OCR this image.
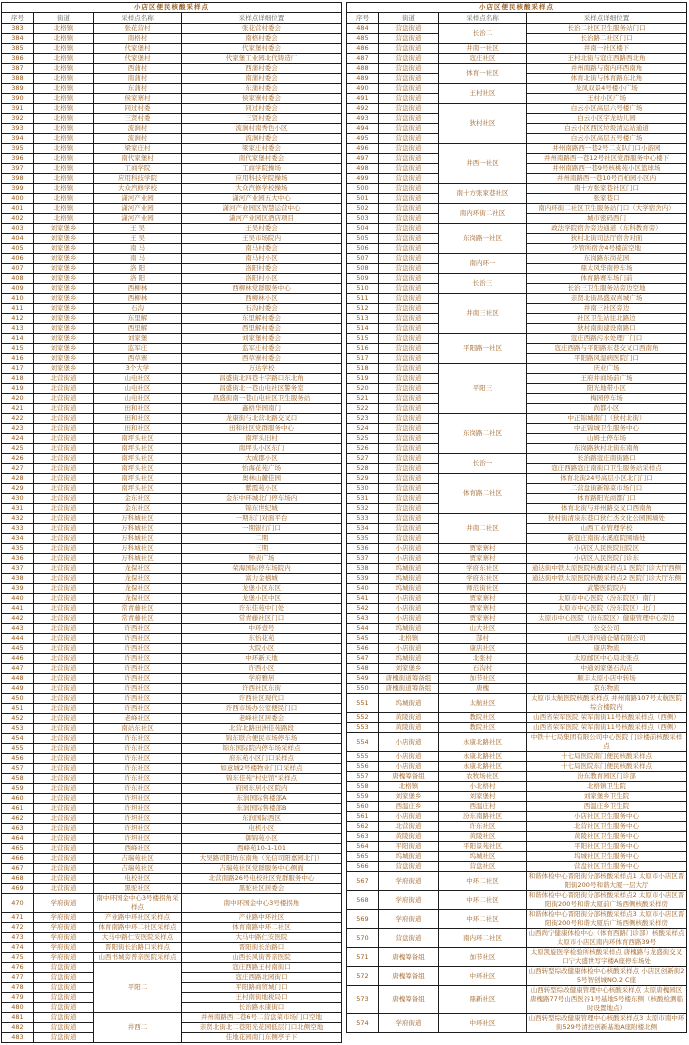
小店区便民核酸采样点			
序号	街道	采样点名称	采样点详细位置
383	北格镇	张花营村	张花营村委会
384	北格镇	南格村	南格村委会
385	北格镇	代家堡村	代家堡村委会
386	北格镇	代家堡村	代家堡工业园北代铸造厂
387	北格镇	西蒲村	西蒲村委会
388	北格镇	南蒲村	南蒲村委会
389	北格镇	东蒲村	东蒲村委会
390	北格镇	侯家寨村	侯家寨村委会
391	北格镇	同过村委	同过村委会
392	北格镇	三贤村委	三贤村委会
393	北格镇	流涧村	流涧村南秀色小区
394	北格镇	流涧村	流涧村委会
395	北格镇	梁家庄村	梁家庄村委会
396	北格镇	南代家堡村	南代家堡村委会
397	北格镇	工商学院	工商学院操场
398	北格镇	应用科技学院	应用科技学院操场
399	北格镇	大众汽修学校	大众汽修学校操场
400	北格镇	潇河产业园	潇河产业园五大中心
401	北格镇	潇河产业园	潇河产业园区智慧运营中心
402	北格镇	潇河产业园	潇河产业园区酒店项目
403	刘家堡乡	王 吴	王吴村委会
404	刘家堡乡	王 吴	王吴市场院内
405	刘家堡乡	南 马	南马村委会
406	刘家堡乡	南 马	南马村小区
407	刘家堡乡	洛 阳	洛阳村委会
408	刘家堡乡	洛 阳	洛阳村小区
409	刘家堡乡	西柳林	西柳林党群服务中心
410	刘家堡乡	西柳林	西柳林小区
411	刘家堡乡	石沟	石沟村委会
412	刘家堡乡	东里解	东里解村委会
413	刘家堡乡	西里解	西里解村委会
414	刘家堡乡	刘家堡	刘家堡村委会
415	刘家堡乡	监军庄	监军庄村委会
416	刘家堡乡	西草寨	西草寨村委会
417	刘家堡乡	3个大学	万达学校
418	北营街道	山电社区	昌盛街北四巷十字路口东北角
419	北营街道	山电社区	昌盛街北一巷山电社区警务室
420	北营街道	山电社区	昌盛街南一巷山电社区卫生服务站
421	北营街道	田和社区	鑫格华园南门
422	北营街道	田和社区	龙康街与北营北路交叉口
423	北营街道	田和社区	田和社区党群服务中心
424	北营街道	南坪头社区	南坪头旧村
425	北营街道	南坪头社区	南坪头小区东门
426	北营街道	南坪头社区	大成郡小区
427	北营街道	南坪头社区	怡海花苑广场
428	北营街道	南坪头社区	奥林山麓佳园
429	北营街道	南坪头社区	紫霞苑小区
430	北营街道	金东社区	金东中环城北门停车场内
431	北营街道	金东社区	锦东世纪城
432	北营街道	万科城社区	一期东门对面平台
433	北营街道	万科城社区	一期银行门口
434	北营街道	万科城社区	二期
435	北营街道	万科城社区	三期
436	北营街道	万科城社区	钟表广场
437	北营街道	龙保社区	荣海国际停车场院内
438	北营街道	龙保社区	富力金禧城
439	北营街道	龙保社区	龙堡小区东区
440	北营街道	龙保社区	龙堡小区中区
441	北营街道	常青藤社区	许东佳苑中门处
442	北营街道	常青藤社区	常青藤社区门口
443	北营街道	许西社区	中环壹号
444	北营街道	许西社区	东怡花苑
445	北营街道	许西社区	大院小区
446	北营街道	许西社区	中环新天地
447	北营街道	许西社区	许西小区
448	北营街道	许西社区	学府雅居
449	北营街道	许西社区	许西社区东街
450	北营街道	许西社区	许西社区现代口
451	北营街道	许西社区	许西市场办公室便民门口
452	北营街道	老峰社区	老峰社区居委会
453	北营街道	南站东社区	北营北路田洲佳苑路段
454	北营街道	许东社区	锦东联合便民市场停车场
455	北营街道	许东社区	锦东国际院内停车场采样点
456	北营街道	许东社区	府东苑小区门口采样点
457	北营街道	许东社区	如意城2号楼物业门口采样点
458	北营街道	许东社区	锦东佳苑"村史馆"采样点
459	北营街道	许东社区	府园东居小区院内
460	北营街道	许坦社区	东润国际售楼部A
461	北营街道	许坦社区	东润国际售楼部B
462	北营街道	许坦社区	东润国际西区
463	北营街道	许坦社区	电机小区
464	北营街道	许坦社区	御锦苑小区
465	北营街道	西峰社区	西峰苑10-1-101
466	北营街道	吉瑞苑社区	大吴路司阳坊东南角（光信司阳嘉园北门）
467	北营街道	吉瑞苑社区	吉瑞苑社区党群服务中心侧面
468	北营街道	电校社区	北营南路26号电校社区党群服务中心
469	北营街道	黑驼社区	黑驼社区居委会
470	学府街道	南中环国金中心3号楼拐角采样点	南中环国金中心3号楼拐角
471	学府街道	产业路中环社区采样点	产业路中环社区
472	学府街道	体育南路中环二社区采样点	体育南路中环二社区
473	学府街道	大马中路仁安医院采样点	大马中路仁安医院
474	学府街道	晋阳街长治路口采样点	晋阳街长治路口
475	学府街道	山西书城旁普亲医院采样点	山西长风街普亲医院
476	营盘街道	平阳二	寇庄西路王村南街口
477	营盘街道		寇庄西路北园街口
478	营盘街道		平阳路商贸城门口
479	营盘街道		王村南街地税局口
480	营盘街道		长治路永康街口
481	营盘街道	井西二	并州南路西二巷6号二营盘菜市场门口空地
482	营盘街道		亲贤北街北二巷阳光花园低层门口北侧空地
483	营盘街道		佳地花园南门东侧亭子下
小店区便民核酸采样点			
序号	街道	采样点名称	采样点详细位置
484	营盘街道	长治二	长治二社区卫生服务站门口
485	营盘街道		长治路二社区门口
486	营盘街道	井南一社区	井南一社区楼下
487	营盘街道	寇庄社区	王村北街与寇庄西路西北角
488	营盘街道	体育一社区	并州南路与南内环西南角
489	营盘街道		体育北街与体育路东北角
490	营盘街道	王村社区	龙凤双景4号楼小广场
491	营盘街道		王村小区广场
492	营盘街道	狄村社区	白云小区高层六号楼广场
493	营盘街道		白云小区宇龙幼儿园
494	营盘街道		白云小区西区垃圾清运站通道
495	营盘街道		白云小区高层五号楼广场
496	营盘街道	井西一社区	并州南路西一巷2号二支队门口小游园
497	营盘街道		并州南路西一巷12号社区党群服务中心楼下
498	营盘街道		并州南路西一巷9号核桃苑小区篮球场
499	营盘街道		并州南路西一巷10号百柏园小区内
500	营盘街道	南十方张家巷社区	南十方张家巷社区门口
501	营盘街道		张家巷口
502	营盘街道	南内环街二社区	南内环街二社区卫生服务站门口（大学宿舍内）
503	营盘街道		城市密码西门
504	营盘街道	东岗路一社区	政法学院宿舍旁边通道（东科教育旁）
505	营盘街道		狄村北街司法厅宿舍对面
506	营盘街道		少管所宿舍4号楼前空地
507	营盘街道	南内环一	东岗路东岗花园
508	营盘街道		鼎太风华南停车场
509	营盘街道	长治三	体育路赛车场门前
510	营盘街道		长治三卫生服务站旁边空地
511	营盘街道	井南三社区	亲贤北街昌盛双喜城广场
512	营盘街道		井南三社区旁边
513	营盘街道		社区卫生站往北路边
514	营盘街道		狄村南街建设南路口
515	营盘街道	平阳路一社区	寇庄西路污水处理厂门口
516	营盘街道		寇庄西路与平阳路东巷交叉口西南角
517	营盘街道		平阳路风湿病医院门口
518	营盘街道	平阳三	庆业广场
519	营盘街道		王府井商场前广场
520	营盘街道		阳光地带小区
521	营盘街道		梅园停车场
522	营盘街道		尚都小区
523	营盘街道	东岗路二社区	中正锦城南门（狄村北街）
524	营盘街道		中正锦城卫生服务中心
525	营盘街道		山姆士停车场
526	营盘街道		东岗路狄村北街东南角
527	营盘街道	长治一	长治路寇庄南街路口
528	营盘街道		寇庄西路寇庄南街口卫生服务站采样点
529	营盘街道	体育路二社区	体育北街24号高层小区北门门口
530	营盘街道		二营盘街新锦菜市场门口
531	营盘街道		体育路阳光商都门口
532	营盘街道		体育北街与并州路交叉口西南角
533	营盘街道	井南二社区	狄村街清泉东巷口狄仁杰文化公园围墙处
534	营盘街道		山西工业管理学校
535	营盘街道		新寇庄南街水溪庭院围墙处
536	小店街道	贾家寨村	小店区人民医院旧院区
537	小店街道	贾家寨村	小店区人民医院门诊东
538	坞城街道	学府东社区	通达街中铁太原医院核酸采样点1 医院门诊大厅西侧
539	坞城街道	学府东社区	通达街中铁太原医院核酸采样点2 医院门诊大厅东侧
540	坞城街道	师范街社区	武警医院院内
541	小店街道	贾家寨村	太原市中心医院（汾东院区）南门
542	小店街道	贾家寨村	太原市中心医院（汾东院区）北门
543	小店街道	贾家寨村	太原市中心医院（汾东院区）健康管理中心旁边
544	坞城街道	山大社区	公交公司
545	北格镇	郜村	山西天洋四通仓储有限公司
546	小店街道	康店社区	康店物流
547	坞城街道	北张村	太原邮区中心局北张点
548	刘家堡乡	石沟村	中通刘家堡石沟点
549	唐槐街道筹备组	加节社区	顺丰太原小店中转场
550	唐槐街道筹备组	唐槐	京东物流
551	坞城街道	太航社区	太原市太航医院核酸采样点 并州南路107号太航医院综合楼院内
552	黄陵街道	教院社区	山西省荣军医院 荣军南街11号核酸采样点（西侧）
553	黄陵街道	教院社区	山西省荣军医院 荣军南街11号核酸采样点（西侧）
554	小店街道	永康北路社区	中铁十七局集团有限公司中心医院 门诊楼前核酸采样点
555	小店街道	永康北路社区	十七局医院南门便民核酸采样点
556	小店街道	永康北路社区	十七局医院东门便民核酸采样点
557	唐槐筹备组	农牧场社区	汾东教育园区门诊部
558	北格镇	小北格村	北格镇卫生院
559	刘家堡乡	刘家堡村	刘家堡乡卫生院
560	西温庄乡	西温庄村	西温庄乡卫生院
561	小店街道	汾东南路社区	小店社区卫生服务中心
562	北营街道	许东社区	北营社区卫生服务中心
563	黄陵街道	黄陵社区	黄陵社区卫生服务中心
564	平阳街道	平阳景苑社区	平阳社区卫生服务中心
565	坞城街道	坞城社区	坞城社区卫生服务中心
566	营盘街道	营盘社区	营盘社区卫生服务中心
567	学府街道	中环二社区	和谐体检中心晋阳街分部核酸采样点1 太原市小店区晋阳街200号和谐大厦一层大厅
568	学府街道	中环二社区	和谐体检中心晋阳街分部核酸采样点2 太原市小店区晋阳街200号和谐大厦前广场西侧核酸采样房
569	学府街道	中环二社区	和谐体检中心晋阳街分部核酸采样点3 太原市小店区晋阳街200号和谐大厦后广场西侧核酸采样房
570	营盘街道	南内环二社区	山西尚宁健康体检中心（体育西路门诊部）核酸采样点 太原市小店区南内环体育西路39号
571	唐槐筹备组	加节社区	太原凯旋医学检验所核酸采样点 唐槐路与龙盛街交叉口宁大盛世写字楼A座停车场处
572	唐槐筹备组	中环社区	山西转型综改健康体检中心核酸采样点 小店区创新街25号智创城NO.2 C座
573	唐槐筹备组	鼎新社区	山西转型综改健康管理中心核酸采样点 太原唐槐园区唐槐路77号山西医谷1号基地5号楼东侧（核酸检测临时设置地点）
574	学府街道	中环社区	山西转型综改健康管理中心核酸采样点3 太原市南中环街529号清控创新基地A座附楼北侧
